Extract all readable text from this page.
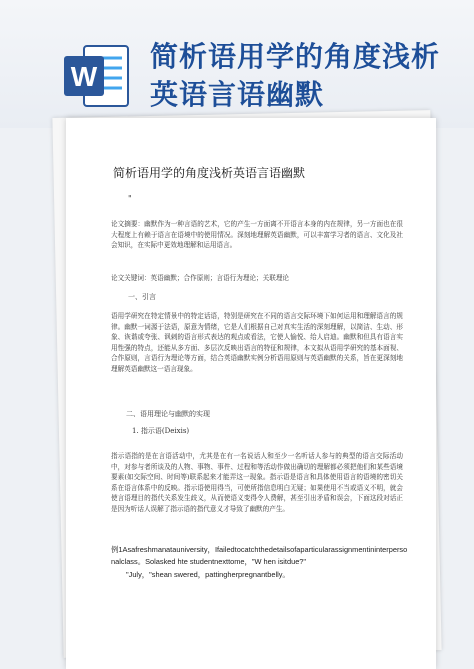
W
简析语用学的角度浅析英语言语幽默
简析语用学的角度浅析英语言语幽默
"
论文摘要：幽默作为一种言语的艺术，它的产生一方面离不开语言本身的内在规律，另一方面也在很大程度上有赖于语言在语境中的使用情况。深刻地理解英语幽默，可以丰富学习者的语言、文化及社会知识，在实际中更效地理解和运用语言。
论文关键词：英语幽默；合作原则；言语行为理论；关联理论
一、引言
语用学研究在特定情景中的特定话语，特别是研究在不同的语言交际环境下如何运用和理解语言的规律。幽默一词源于法语，原意为情绪，它是人们根据自己对真实生活的深刻理解，以简洁、生动、形象、诙谐或夸张、讽刺的语言形式表达的观点或看法，它使人愉悦、给人启迪。幽默和但具有语言实用性强的特点，还能从多方面、多层次反映出语言的特征和规律，本文拟从语用学研究的基本面视、合作原则，言语行为理论等方面，结合英语幽默实例分析语用原则与英语幽默的关系，旨在更深刻地理解英语幽默这一语言现象。
二、语用理论与幽默的实现
1. 指示语(Deixis)
指示语指的是在言语活动中，尤其是在有一名说话人和至少一名听话人参与的典型的语言交际活动中，对参与者所谈及的人物、事物、事件、过程和等活动作做出确切的理解都必须把他们和某些语境要素(如交际空间、时间等)联系起来才能弄这一现象。指示语是语言和具体使用语言的语境的密切关系在语言体系中的反映。指示语使用得当，可使所指信息明白无疑；如果使用不当或语义不明，就会使言语理目的指代关系发生歧义，从而使语义变得令人费解，甚至引出矛盾和误会，下面这段对话正是因为听话人误解了指示语的指代意义才导致了幽默的产生。
例1Asafreshmanatauniversity，Ifailedtocatchthedetailsofaparticularassignmentininterpersonalclass。Solasked hte studentnexttome，"W hen isitdue?"
"July，"shean swered，pattingherpregnantbelly。
